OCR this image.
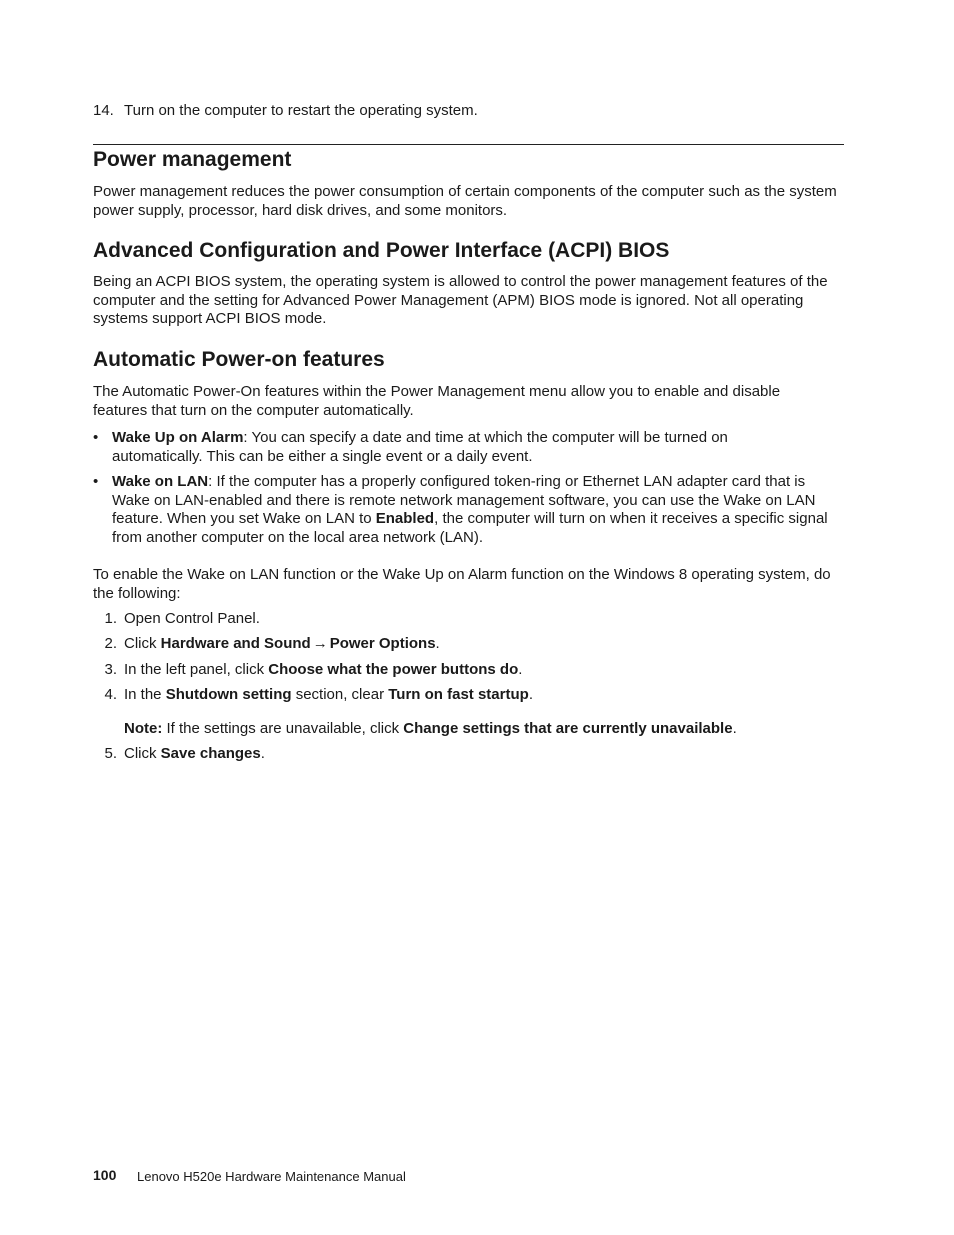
14. Turn on the computer to restart the operating system.
Power management

Power management reduces the power consumption of certain components of the computer such as the system power supply, processor, hard disk drives, and some monitors.

Advanced Configuration and Power Interface (ACPI) BIOS

Being an ACPI BIOS system, the operating system is allowed to control the power management features of the computer and the setting for Advanced Power Management (APM) BIOS mode is ignored. Not all operating systems support ACPI BIOS mode.

Automatic Power-on features

The Automatic Power-On features within the Power Management menu allow you to enable and disable features that turn on the computer automatically.

• Wake Up on Alarm: You can specify a date and time at which the computer will be turned on automatically. This can be either a single event or a daily event.

• Wake on LAN: If the computer has a properly configured token-ring or Ethernet LAN adapter card that is Wake on LAN-enabled and there is remote network management software, you can use the Wake on LAN feature. When you set Wake on LAN to Enabled, the computer will turn on when it receives a specific signal from another computer on the local area network (LAN).

To enable the Wake on LAN function or the Wake Up on Alarm function on the Windows 8 operating system, do the following:

1. Open Control Panel.
2. Click Hardware and Sound → Power Options.
3. In the left panel, click Choose what the power buttons do.
4. In the Shutdown setting section, clear Turn on fast startup.
Note: If the settings are unavailable, click Change settings that are currently unavailable.
5. Click Save changes.
100 Lenovo H520e Hardware Maintenance Manual
